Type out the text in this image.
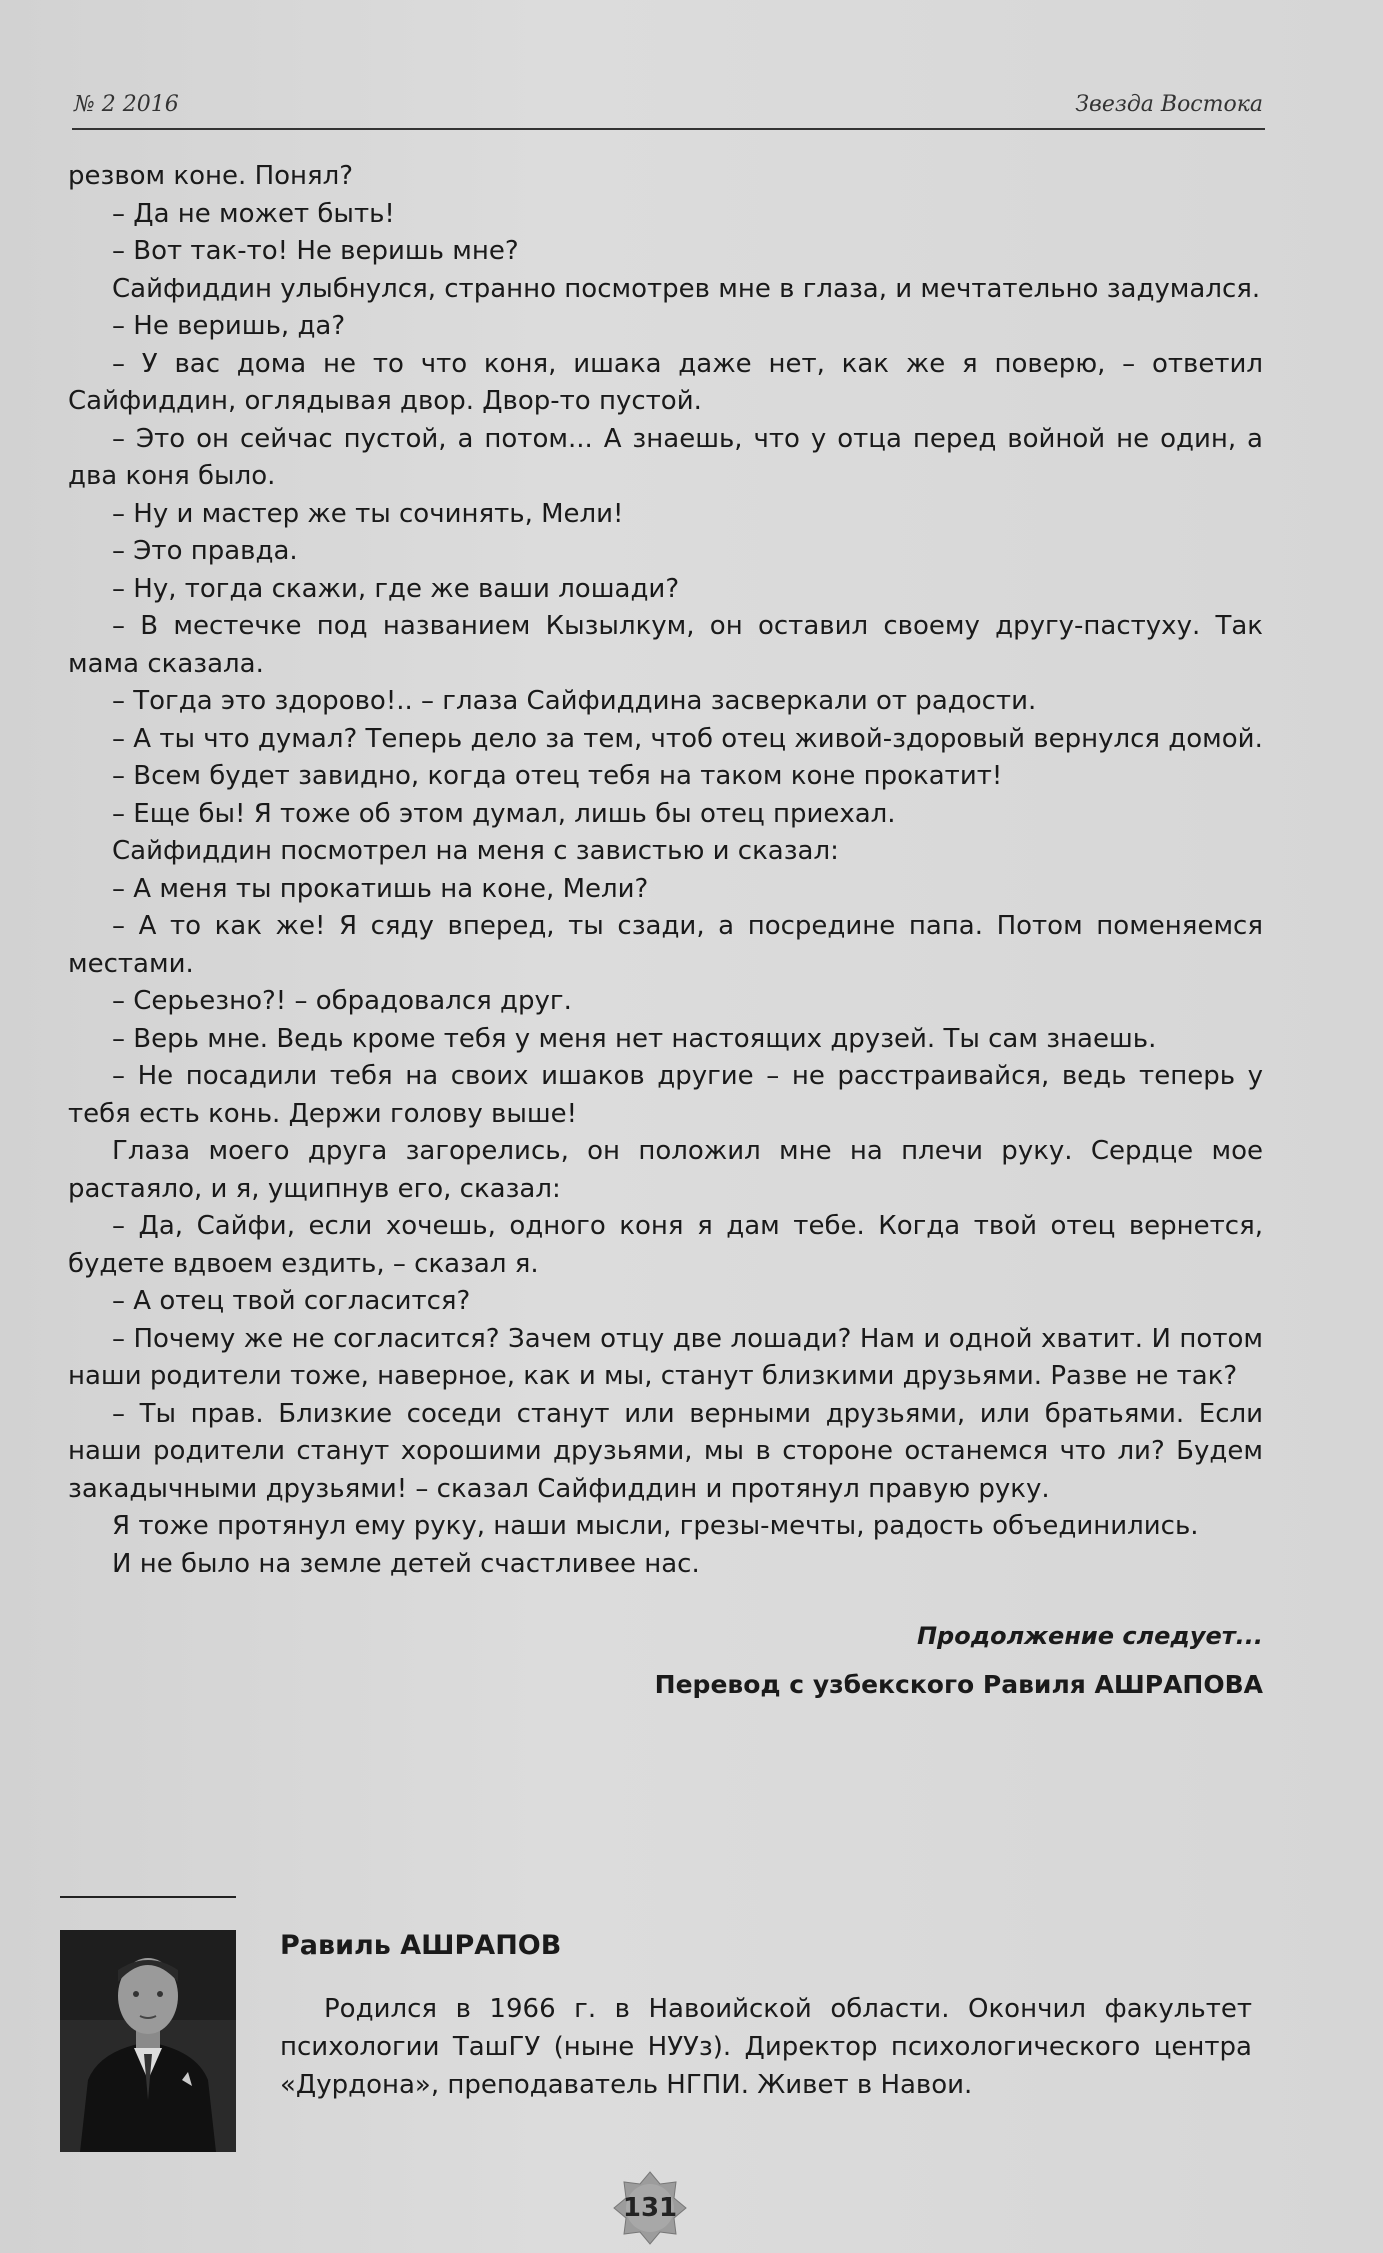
№ 2 2016	Звезда Востока

резвом коне. Понял?

– Да не может быть!

– Вот так-то! Не веришь мне?

Сайфиддин улыбнулся, странно посмотрев мне в глаза, и мечтательно задумался.

– Не веришь, да?

– У вас дома не то что коня, ишака даже нет, как же я поверю, – ответил Сайфиддин, оглядывая двор. Двор-то пустой.

– Это он сейчас пустой, а потом... А знаешь, что у отца перед войной не один, а два коня было.

– Ну и мастер же ты сочинять, Мели!

– Это правда.

– Ну, тогда скажи, где же ваши лошади?

– В местечке под названием Кызылкум, он оставил своему другу-пастуху. Так мама сказала.

– Тогда это здорово!.. – глаза Сайфиддина засверкали от радости.

– А ты что думал? Теперь дело за тем, чтоб отец живой-здоровый вернулся домой.

– Всем будет завидно, когда отец тебя на таком коне прокатит!

– Еще бы! Я тоже об этом думал, лишь бы отец приехал.

Сайфиддин посмотрел на меня с завистью и сказал:

– А меня ты прокатишь на коне, Мели?

– А то как же! Я сяду вперед, ты сзади, а посредине папа. Потом поменяемся местами.

– Серьезно?! – обрадовался друг.

– Верь мне. Ведь кроме тебя у меня нет настоящих друзей. Ты сам знаешь.

– Не посадили тебя на своих ишаков другие – не расстраивайся, ведь теперь у тебя есть конь. Держи голову выше!

Глаза моего друга загорелись, он положил мне на плечи руку. Сердце мое растаяло, и я, ущипнув его, сказал:

– Да, Сайфи, если хочешь, одного коня я дам тебе. Когда твой отец вернется, будете вдвоем ездить, – сказал я.

– А отец твой согласится?

– Почему же не согласится? Зачем отцу две лошади? Нам и одной хватит. И потом наши родители тоже, наверное, как и мы, станут близкими друзьями. Разве не так?

– Ты прав. Близкие соседи станут или верными друзьями, или братьями. Если наши родители станут хорошими друзьями, мы в стороне останемся что ли? Будем закадычными друзьями! – сказал Сайфиддин и протянул правую руку.

Я тоже протянул ему руку, наши мысли, грезы-мечты, радость объединились.

И не было на земле детей счастливее нас.

Продолжение следует...
Перевод с узбекского Равиля АШРАПОВА
Равиль АШРАПОВ
Родился в 1966 г. в Навоийской области. Окончил факультет психологии ТашГУ (ныне НУУз). Директор психологического центра «Дурдона», преподаватель НГПИ. Живет в Навои.
131
